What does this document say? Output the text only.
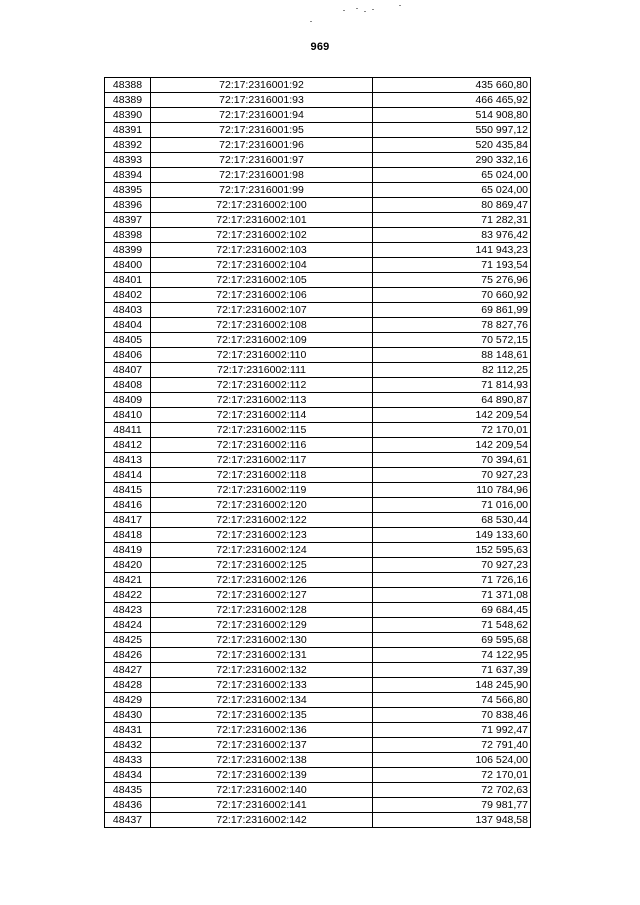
969
48388	72:17:2316001:92	435 660,80
48389	72:17:2316001:93	466 465,92
48390	72:17:2316001:94	514 908,80
48391	72:17:2316001:95	550 997,12
48392	72:17:2316001:96	520 435,84
48393	72:17:2316001:97	290 332,16
48394	72:17:2316001:98	65 024,00
48395	72:17:2316001:99	65 024,00
48396	72:17:2316002:100	80 869,47
48397	72:17:2316002:101	71 282,31
48398	72:17:2316002:102	83 976,42
48399	72:17:2316002:103	141 943,23
48400	72:17:2316002:104	71 193,54
48401	72:17:2316002:105	75 276,96
48402	72:17:2316002:106	70 660,92
48403	72:17:2316002:107	69 861,99
48404	72:17:2316002:108	78 827,76
48405	72:17:2316002:109	70 572,15
48406	72:17:2316002:110	88 148,61
48407	72:17:2316002:111	82 112,25
48408	72:17:2316002:112	71 814,93
48409	72:17:2316002:113	64 890,87
48410	72:17:2316002:114	142 209,54
48411	72:17:2316002:115	72 170,01
48412	72:17:2316002:116	142 209,54
48413	72:17:2316002:117	70 394,61
48414	72:17:2316002:118	70 927,23
48415	72:17:2316002:119	110 784,96
48416	72:17:2316002:120	71 016,00
48417	72:17:2316002:122	68 530,44
48418	72:17:2316002:123	149 133,60
48419	72:17:2316002:124	152 595,63
48420	72:17:2316002:125	70 927,23
48421	72:17:2316002:126	71 726,16
48422	72:17:2316002:127	71 371,08
48423	72:17:2316002:128	69 684,45
48424	72:17:2316002:129	71 548,62
48425	72:17:2316002:130	69 595,68
48426	72:17:2316002:131	74 122,95
48427	72:17:2316002:132	71 637,39
48428	72:17:2316002:133	148 245,90
48429	72:17:2316002:134	74 566,80
48430	72:17:2316002:135	70 838,46
48431	72:17:2316002:136	71 992,47
48432	72:17:2316002:137	72 791,40
48433	72:17:2316002:138	106 524,00
48434	72:17:2316002:139	72 170,01
48435	72:17:2316002:140	72 702,63
48436	72:17:2316002:141	79 981,77
48437	72:17:2316002:142	137 948,58
